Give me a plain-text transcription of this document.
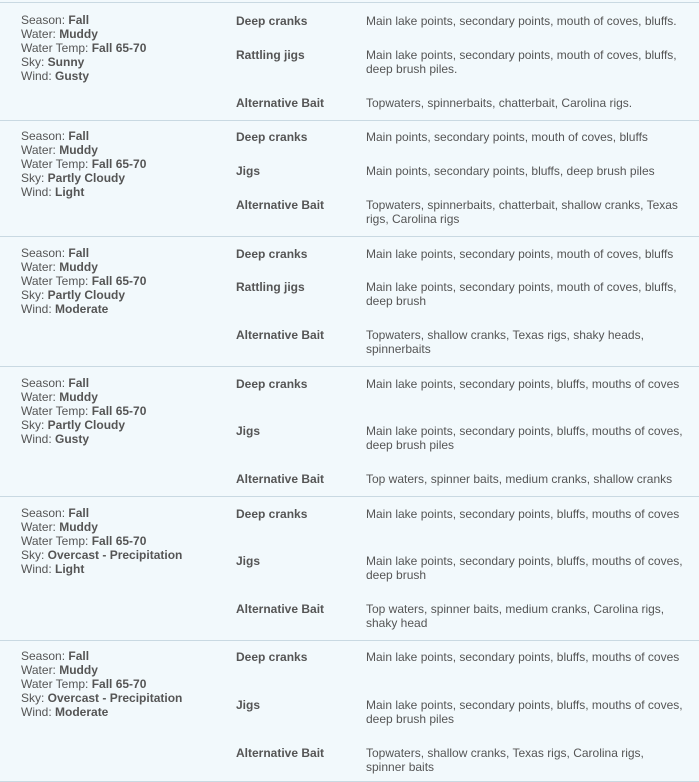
Season: Fall
Water: Muddy
Water Temp: Fall 65-70
Sky: Sunny
Wind: Gusty
Deep cranks	Main lake points, secondary points, mouth of coves, bluffs.
Rattling jigs	Main lake points, secondary points, mouth of coves, bluffs, deep brush piles.
Alternative Bait	Topwaters, spinnerbaits, chatterbait, Carolina rigs.
Season: Fall
Water: Muddy
Water Temp: Fall 65-70
Sky: Partly Cloudy
Wind: Light
Deep cranks	Main points, secondary points, mouth of coves, bluffs
Jigs	Main points, secondary points, bluffs, deep brush piles
Alternative Bait	Topwaters, spinnerbaits, chatterbait, shallow cranks, Texas rigs, Carolina rigs
Season: Fall
Water: Muddy
Water Temp: Fall 65-70
Sky: Partly Cloudy
Wind: Moderate
Deep cranks	Main lake points, secondary points, mouth of coves, bluffs
Rattling jigs	Main lake points, secondary points, mouth of coves, bluffs, deep brush
Alternative Bait	Topwaters, shallow cranks, Texas rigs, shaky heads, spinnerbaits
Season: Fall
Water: Muddy
Water Temp: Fall 65-70
Sky: Partly Cloudy
Wind: Gusty
Deep cranks	Main lake points, secondary points, bluffs, mouths of coves
Jigs	Main lake points, secondary points, bluffs, mouths of coves, deep brush piles
Alternative Bait	Top waters, spinner baits, medium cranks, shallow cranks
Season: Fall
Water: Muddy
Water Temp: Fall 65-70
Sky: Overcast - Precipitation
Wind: Light
Deep cranks	Main lake points, secondary points, bluffs, mouths of coves
Jigs	Main lake points, secondary points, bluffs, mouths of coves, deep brush
Alternative Bait	Top waters, spinner baits, medium cranks, Carolina rigs, shaky head
Season: Fall
Water: Muddy
Water Temp: Fall 65-70
Sky: Overcast - Precipitation
Wind: Moderate
Deep cranks	Main lake points, secondary points, bluffs, mouths of coves
Jigs	Main lake points, secondary points, bluffs, mouths of coves, deep brush piles
Alternative Bait	Topwaters, shallow cranks, Texas rigs, Carolina rigs, spinner baits
